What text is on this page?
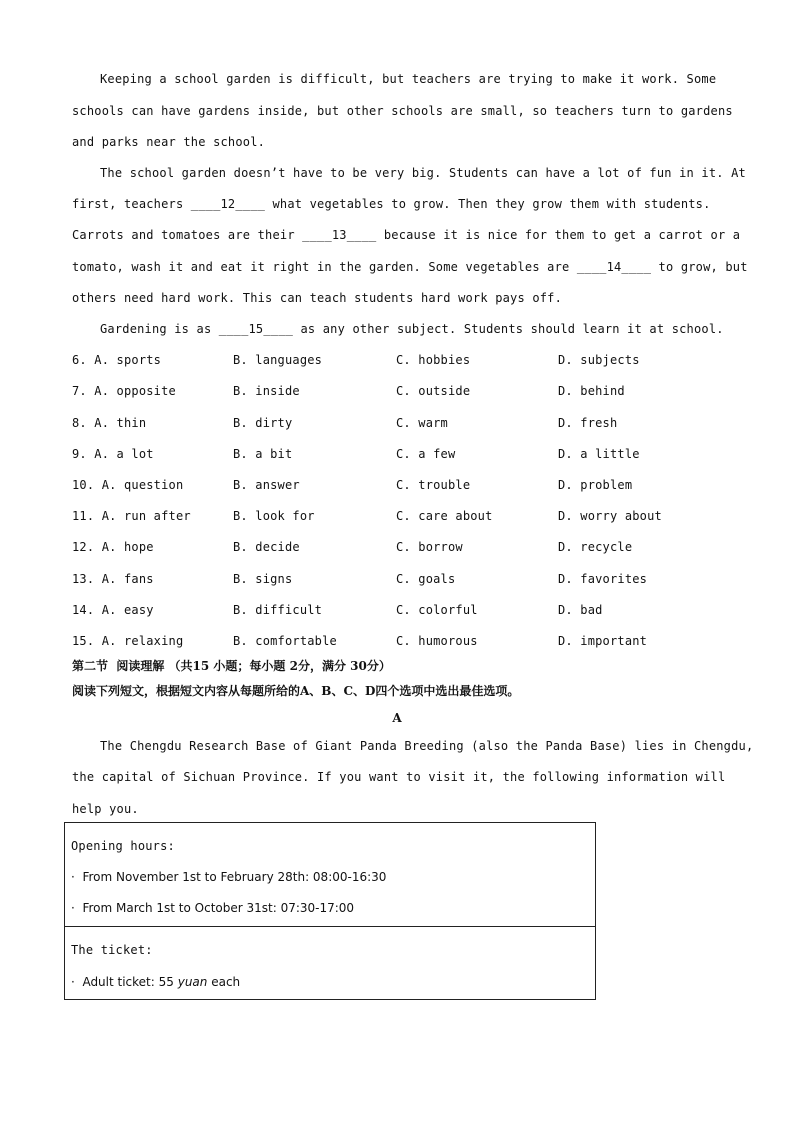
Keeping a school garden is difficult, but teachers are trying to make it work. Some
schools can have gardens inside, but other schools are small, so teachers turn to gardens
and parks near the school.
The school garden doesn’t have to be very big. Students can have a lot of fun in it. At
first, teachers ____12____ what vegetables to grow. Then they grow them with students.
Carrots and tomatoes are their ____13____ because it is nice for them to get a carrot or a
tomato, wash it and eat it right in the garden. Some vegetables are ____14____ to grow, but
others need hard work. This can teach students hard work pays off.
Gardening is as ____15____ as any other subject. Students should learn it at school.
6. A. sports	B. languages	C. hobbies	D. subjects
7. A. opposite	B. inside	C. outside	D. behind
8. A. thin	B. dirty	C. warm	D. fresh
9. A. a lot	B. a bit	C. a few	D. a little
10. A. question	B. answer	C. trouble	D. problem
11. A. run after	B. look for	C. care about	D. worry about
12. A. hope	B. decide	C. borrow	D. recycle
13. A. fans	B. signs	C. goals	D. favorites
14. A. easy	B. difficult	C. colorful	D. bad
15. A. relaxing	B. comfortable	C. humorous	D. important
第二节  阅读理解 （共15 小题；每小题 2分，满分 30分）
阅读下列短文，根据短文内容从每题所给的A、B、C、D四个选项中选出最佳选项。
A
The Chengdu Research Base of Giant Panda Breeding (also the Panda Base) lies in Chengdu,
the capital of Sichuan Province. If you want to visit it, the following information will
help you.
Opening hours:
·  From November 1st to February 28th: 08:00-16:30
·  From March 1st to October 31st: 07:30-17:00
The ticket:
·  Adult ticket: 55 yuan each
